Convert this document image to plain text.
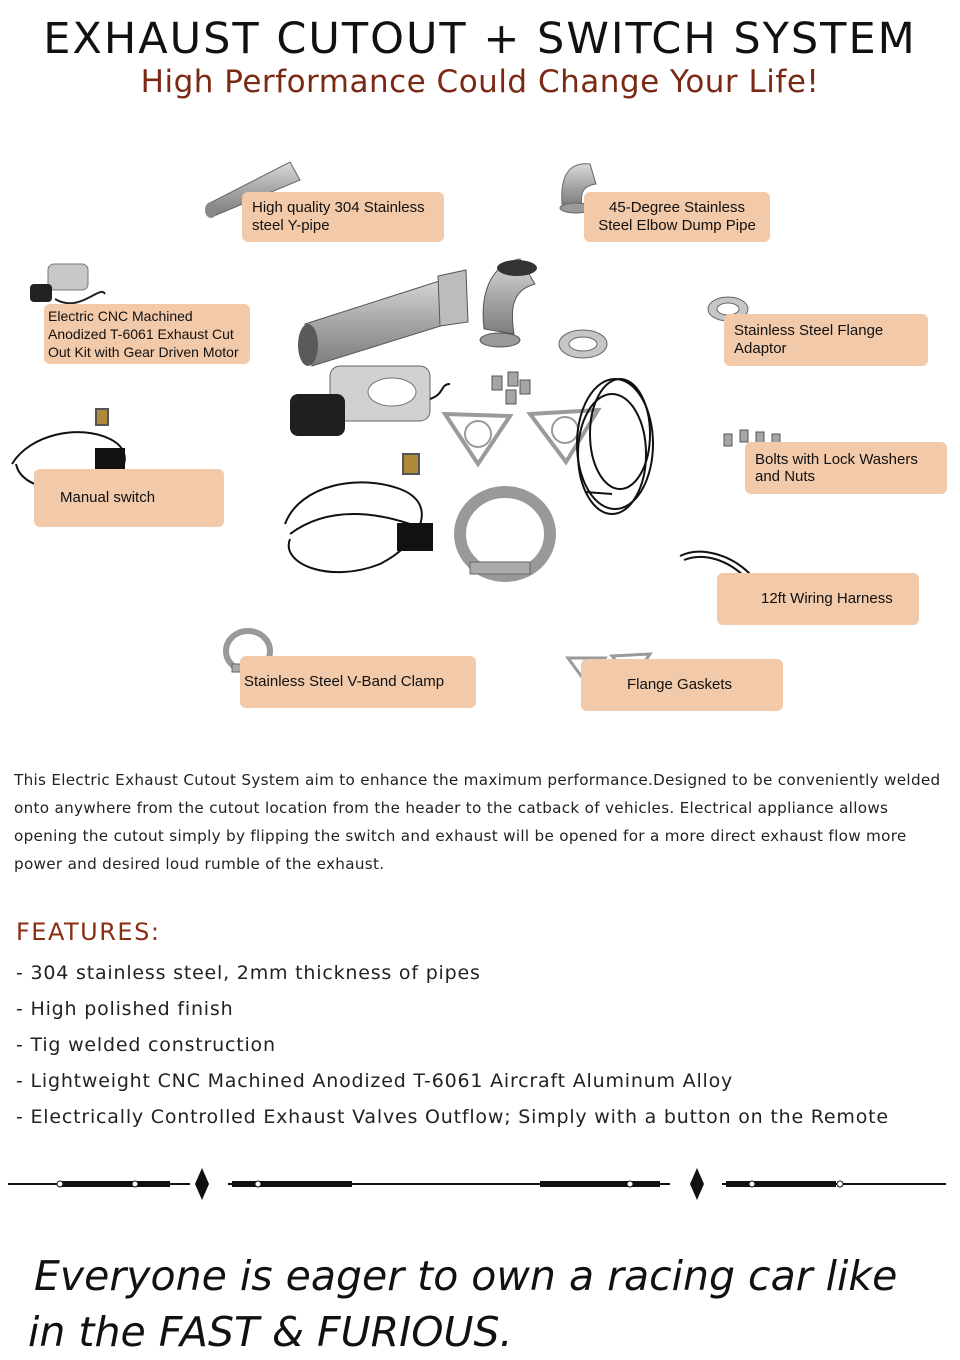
EXHAUST CUTOUT + SWITCH SYSTEM
High Performance Could Change Your Life!
High quality 304 Stainless steel Y-pipe
45-Degree Stainless Steel Elbow Dump Pipe
Electric CNC Machined Anodized T-6061 Exhaust Cut Out Kit with Gear Driven Motor
Stainless Steel Flange Adaptor
Bolts with Lock Washers and Nuts
Manual switch
12ft Wiring Harness
Stainless Steel V-Band Clamp	Flange Gaskets
This Electric Exhaust Cutout System aim to enhance the maximum performance.Designed to be conveniently welded onto anywhere from the cutout location from the header to the catback of vehicles. Electrical appliance allows opening the cutout simply by flipping the switch and exhaust will be opened for a more direct exhaust flow more power and desired loud rumble of the exhaust.
FEATURES:
- 304 stainless steel, 2mm thickness of pipes
- High polished finish
- Tig welded construction
- Lightweight CNC Machined Anodized T-6061 Aircraft Aluminum Alloy
- Electrically Controlled Exhaust Valves Outflow; Simply with a button on the Remote
Everyone is eager to own a racing car like
in the FAST & FURIOUS.
